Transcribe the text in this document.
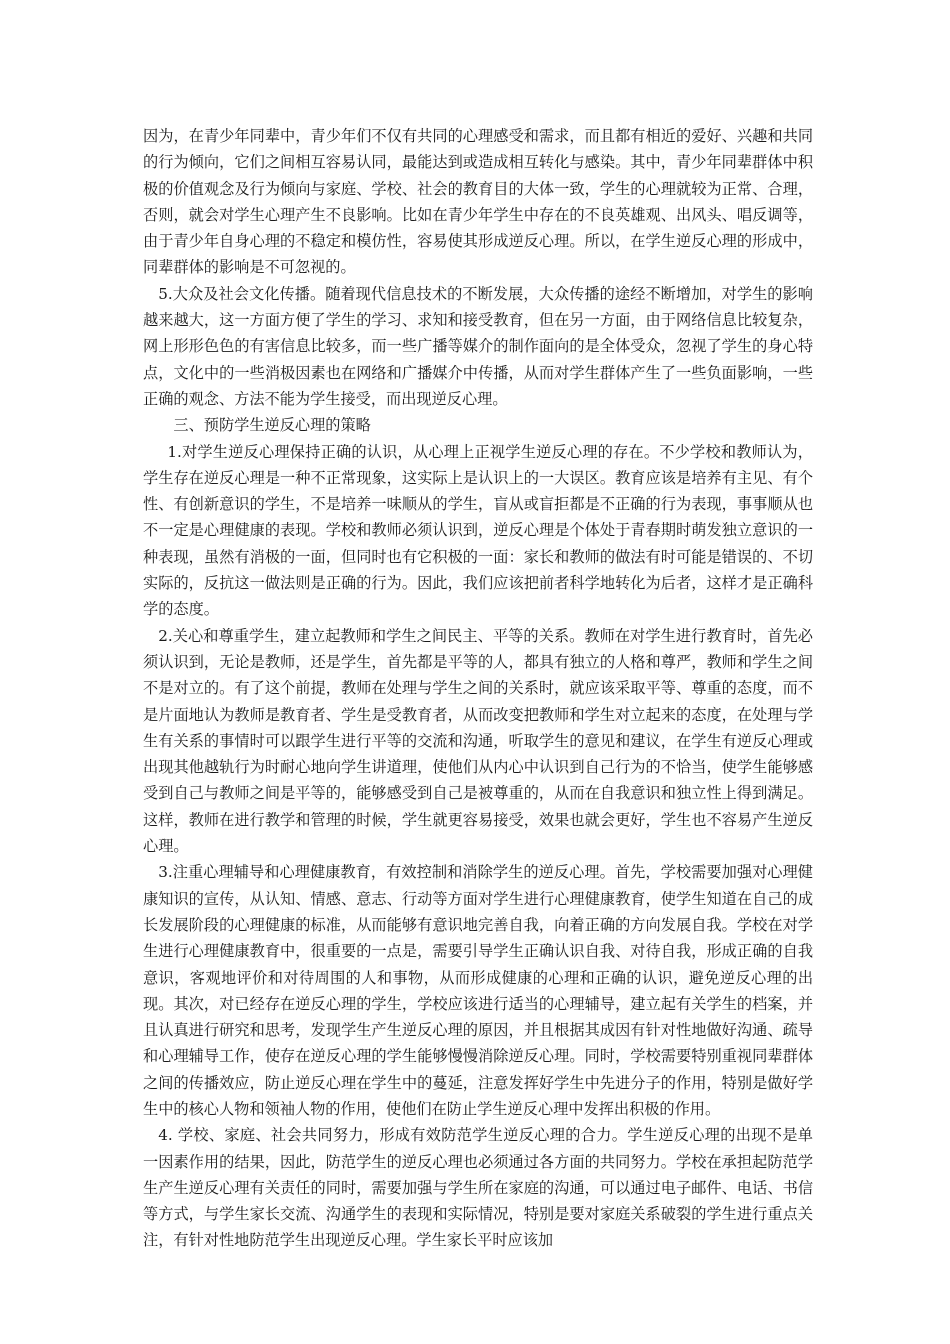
因为，在青少年同辈中，青少年们不仅有共同的心理感受和需求，而且都有相近的爱好、兴趣和共同的行为倾向，它们之间相互容易认同，最能达到或造成相互转化与感染。其中，青少年同辈群体中积极的价值观念及行为倾向与家庭、学校、社会的教育目的大体一致，学生的心理就较为正常、合理，否则，就会对学生心理产生不良影响。比如在青少年学生中存在的不良英雄观、出风头、唱反调等，由于青少年自身心理的不稳定和模仿性，容易使其形成逆反心理。所以，在学生逆反心理的形成中，同辈群体的影响是不可忽视的。

5.大众及社会文化传播。随着现代信息技术的不断发展，大众传播的途经不断增加，对学生的影响越来越大，这一方面方便了学生的学习、求知和接受教育，但在另一方面，由于网络信息比较复杂，网上形形色色的有害信息比较多，而一些广播等媒介的制作面向的是全体受众，忽视了学生的身心特点，文化中的一些消极因素也在网络和广播媒介中传播，从而对学生群体产生了一些负面影响，一些正确的观念、方法不能为学生接受，而出现逆反心理。

三、预防学生逆反心理的策略

1.对学生逆反心理保持正确的认识，从心理上正视学生逆反心理的存在。不少学校和教师认为，学生存在逆反心理是一种不正常现象，这实际上是认识上的一大误区。教育应该是培养有主见、有个性、有创新意识的学生，不是培养一味顺从的学生，盲从或盲拒都是不正确的行为表现，事事顺从也不一定是心理健康的表现。学校和教师必须认识到，逆反心理是个体处于青春期时萌发独立意识的一种表现，虽然有消极的一面，但同时也有它积极的一面：家长和教师的做法有时可能是错误的、不切实际的，反抗这一做法则是正确的行为。因此，我们应该把前者科学地转化为后者，这样才是正确科学的态度。

2.关心和尊重学生，建立起教师和学生之间民主、平等的关系。教师在对学生进行教育时，首先必须认识到，无论是教师，还是学生，首先都是平等的人，都具有独立的人格和尊严，教师和学生之间不是对立的。有了这个前提，教师在处理与学生之间的关系时，就应该采取平等、尊重的态度，而不是片面地认为教师是教育者、学生是受教育者，从而改变把教师和学生对立起来的态度，在处理与学生有关系的事情时可以跟学生进行平等的交流和沟通，听取学生的意见和建议，在学生有逆反心理或出现其他越轨行为时耐心地向学生讲道理，使他们从内心中认识到自己行为的不恰当，使学生能够感受到自己与教师之间是平等的，能够感受到自己是被尊重的，从而在自我意识和独立性上得到满足。这样，教师在进行教学和管理的时候，学生就更容易接受，效果也就会更好，学生也不容易产生逆反心理。

3.注重心理辅导和心理健康教育，有效控制和消除学生的逆反心理。首先，学校需要加强对心理健康知识的宣传，从认知、情感、意志、行动等方面对学生进行心理健康教育，使学生知道在自己的成长发展阶段的心理健康的标准，从而能够有意识地完善自我，向着正确的方向发展自我。学校在对学生进行心理健康教育中，很重要的一点是，需要引导学生正确认识自我、对待自我，形成正确的自我意识，客观地评价和对待周围的人和事物，从而形成健康的心理和正确的认识，避免逆反心理的出现。其次，对已经存在逆反心理的学生，学校应该进行适当的心理辅导，建立起有关学生的档案，并且认真进行研究和思考，发现学生产生逆反心理的原因，并且根据其成因有针对性地做好沟通、疏导和心理辅导工作，使存在逆反心理的学生能够慢慢消除逆反心理。同时，学校需要特别重视同辈群体之间的传播效应，防止逆反心理在学生中的蔓延，注意发挥好学生中先进分子的作用，特别是做好学生中的核心人物和领袖人物的作用，使他们在防止学生逆反心理中发挥出积极的作用。

4. 学校、家庭、社会共同努力，形成有效防范学生逆反心理的合力。学生逆反心理的出现不是单一因素作用的结果，因此，防范学生的逆反心理也必须通过各方面的共同努力。学校在承担起防范学生产生逆反心理有关责任的同时，需要加强与学生所在家庭的沟通，可以通过电子邮件、电话、书信等方式，与学生家长交流、沟通学生的表现和实际情况，特别是要对家庭关系破裂的学生进行重点关注，有针对性地防范学生出现逆反心理。学生家长平时应该加
